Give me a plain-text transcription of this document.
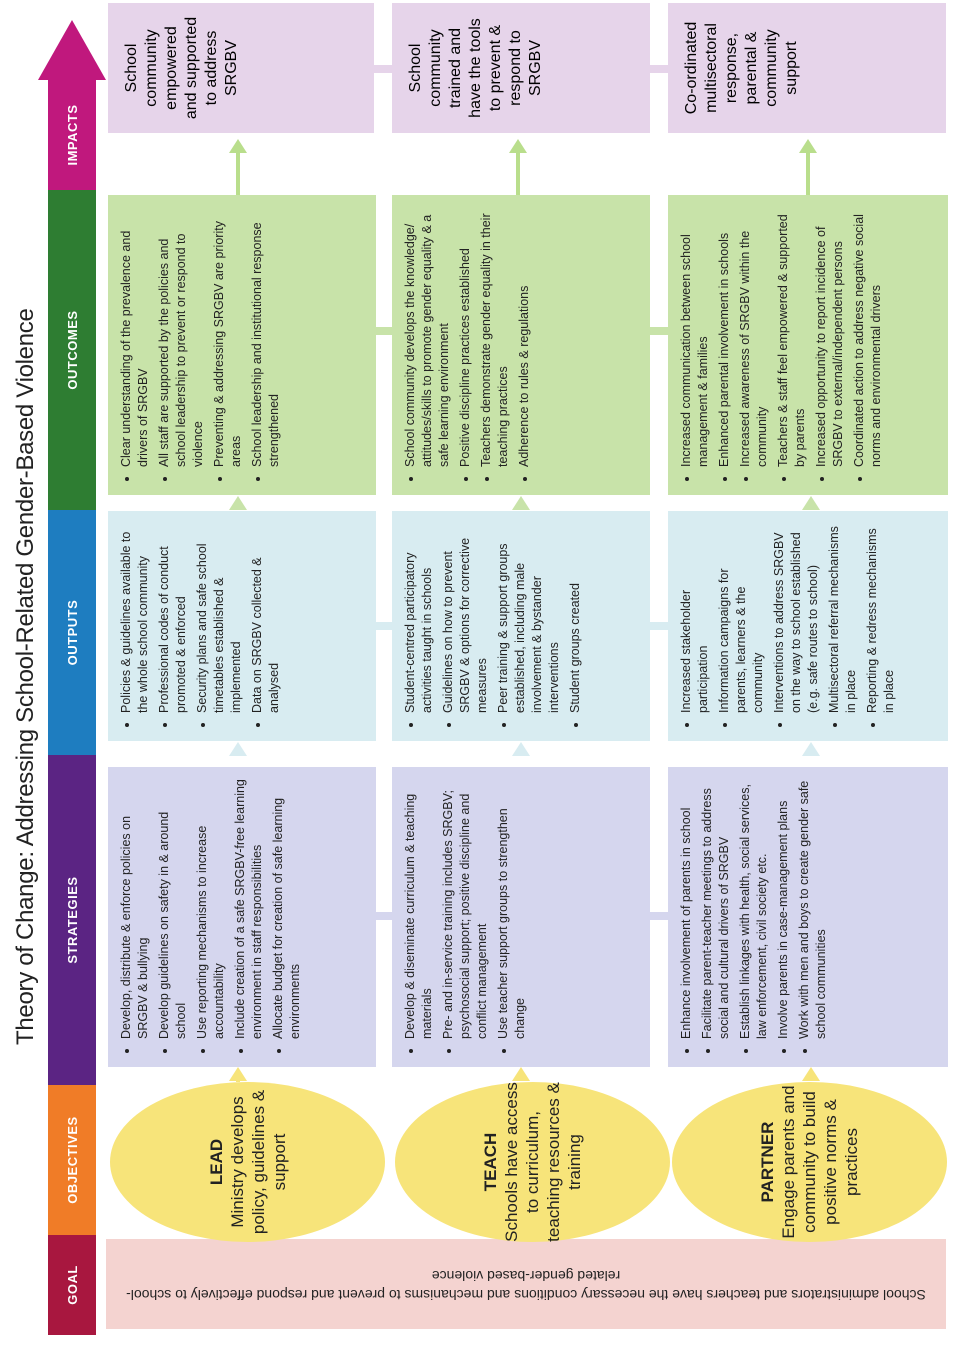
Theory of Change: Addressing School-Related Gender-Based Violence
GOAL
OBJECTIVES
STRATEGIES
OUTPUTS
OUTCOMES
IMPACTS
School administrators and teachers have the necessary conditions and mechanisms to prevent and respond effectively to school-related gender-based violence
LEAD Ministry develops policy, guidelines & support	TEACH Schools have access to curriculum, teaching resources & training	PARTNER Engage parents and community to build positive norms & practices
• Develop, distribute & enforce policies on SRGBV & bullying • Develop guidelines on safety in & around school • Use reporting mechanisms to increase accountability • Include creation of a safe SRGBV-free learning environment in staff responsibilities • Allocate budget for creation of safe learning environments	• Develop & diseminate curriculum & teaching materials • Pre- and in-service training includes SRGBV; psychosocial support; positive discipline and conflict management • Use teacher support groups to strengthen change	• Enhance involvement of parents in school • Facilitate parent-teacher meetings to address social and cultural drivers of SRGBV • Establish linkages with health, social services, law enforcement, civil society etc. • Involve parents in case-management plans • Work with men and boys to create gender safe school communities
• Policies & guidelines available to the whole school community • Professional codes of conduct promoted & enforced • Security plans and safe school timetables established & implemented • Data on SRGBV collected & analysed	• Student-centred participatory activities taught in schools • Guidelines on how to prevent SRGBV & options for corrective measures • Peer training & support groups established, including male involvement & bystander interventions • Student groups created	• Increased stakeholder participation • Information campaigns for parents, learners & the community • Interventions to address SRGBV on the way to school established (e.g. safe routes to school) • Multisectoral referral mechanisms in place • Reporting & redress mechanisms in place
• Clear understanding of the prevalence and drivers of SRGBV • All staff are supported by the policies and school leadership to prevent or respond to violence • Preventing & addressing SRGBV are priority areas • School leadership and institutional response strengthened	• School community develops the knowledge/ attitudes/skills to promote gender equality & a safe learning environment • Positive discipline practices established • Teachers demonstrate gender equality in their teaching practices • Adherence to rules & regulations	• Increased communication between school management & families • Enhanced parental involvement in schools • Increased awareness of SRGBV within the community • Teachers & staff feel empowered & supported by parents • Increased opportunity to report incidence of SRGBV to external/independent persons • Coordinated action to address negative social norms and environmental drivers
School community empowered and supported to address SRGBV	School community trained and have the tools to prevent & respond to SRGBV	Co-ordinated multisectoral response, parental & community support
